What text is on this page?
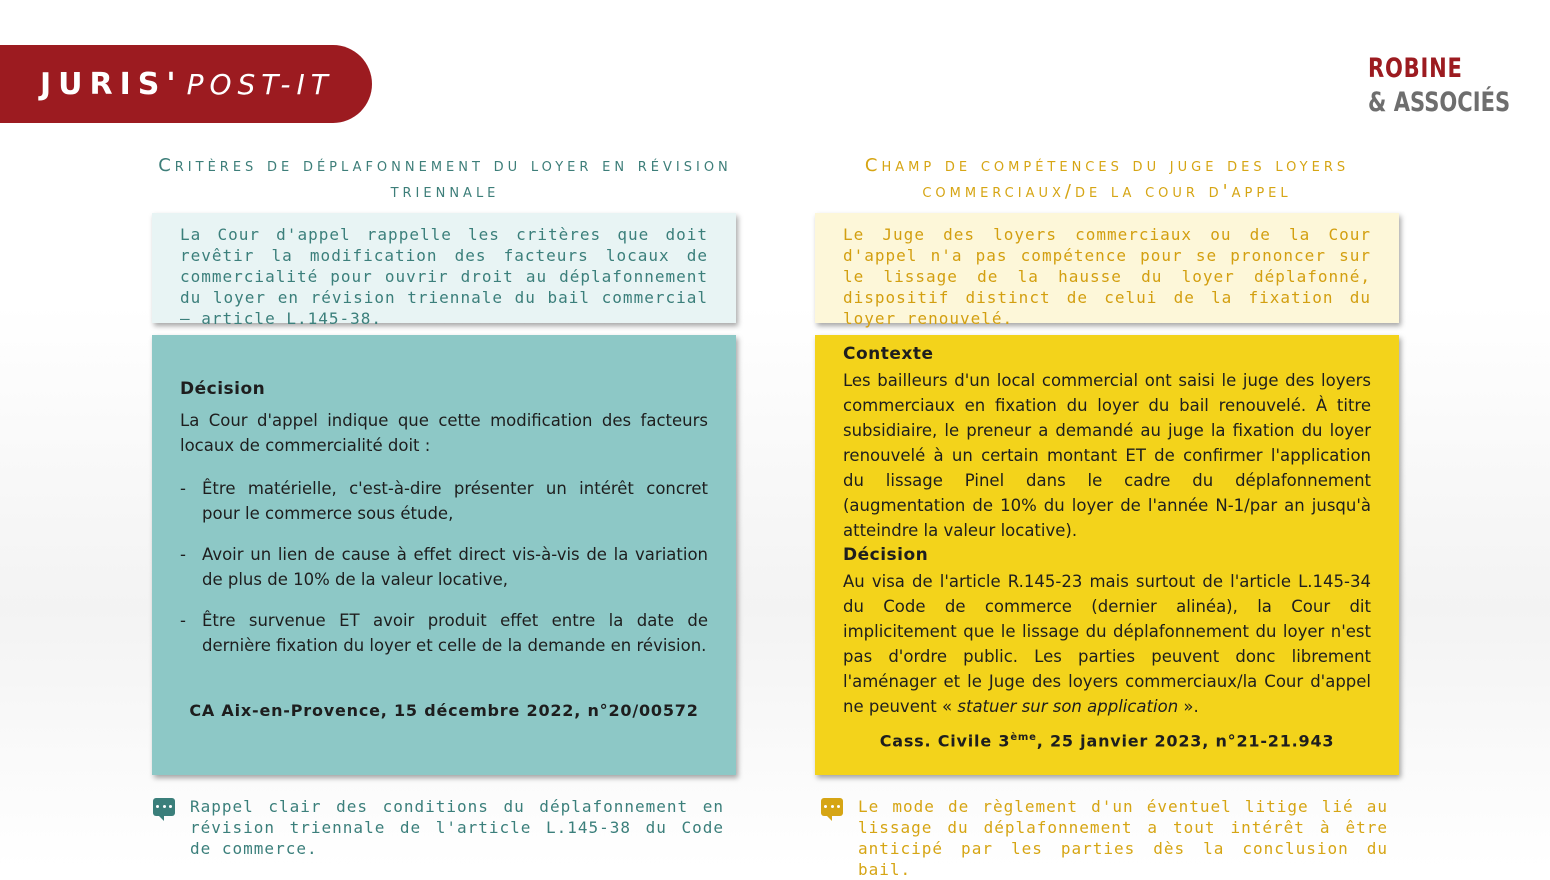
JURIS' POST-IT	ROBINE
& ASSOCIÉS
Critères de déplafonnement du loyer en révision triennale
La Cour d'appel rappelle les critères que doit revêtir la modification des facteurs locaux de commercialité pour ouvrir droit au déplafonnement du loyer en révision triennale du bail commercial – article L.145-38.
Décision
La Cour d'appel indique que cette modification des facteurs locaux de commercialité doit :
- Être matérielle, c'est-à-dire présenter un intérêt concret pour le commerce sous étude,
- Avoir un lien de cause à effet direct vis-à-vis de la variation de plus de 10% de la valeur locative,
- Être survenue ET avoir produit effet entre la date de dernière fixation du loyer et celle de la demande en révision.
CA Aix-en-Provence, 15 décembre 2022, n°20/00572
Rappel clair des conditions du déplafonnement en révision triennale de l'article L.145-38 du Code de commerce.
Champ de compétences du juge des loyers commerciaux/de la cour d'appel
Le Juge des loyers commerciaux ou de la Cour d'appel n'a pas compétence pour se prononcer sur le lissage de la hausse du loyer déplafonné, dispositif distinct de celui de la fixation du loyer renouvelé.
Contexte
Les bailleurs d'un local commercial ont saisi le juge des loyers commerciaux en fixation du loyer du bail renouvelé. À titre subsidiaire, le preneur a demandé au juge la fixation du loyer renouvelé à un certain montant ET de confirmer l'application du lissage Pinel dans le cadre du déplafonnement (augmentation de 10% du loyer de l'année N-1/par an jusqu'à atteindre la valeur locative).
Décision
Au visa de l'article R.145-23 mais surtout de l'article L.145-34 du Code de commerce (dernier alinéa), la Cour dit implicitement que le lissage du déplafonnement du loyer n'est pas d'ordre public. Les parties peuvent donc librement l'aménager et le Juge des loyers commerciaux/la Cour d'appel ne peuvent « statuer sur son application ».
Cass. Civile 3ème, 25 janvier 2023, n°21-21.943
Le mode de règlement d'un éventuel litige lié au lissage du déplafonnement a tout intérêt à être anticipé par les parties dès la conclusion du bail.
